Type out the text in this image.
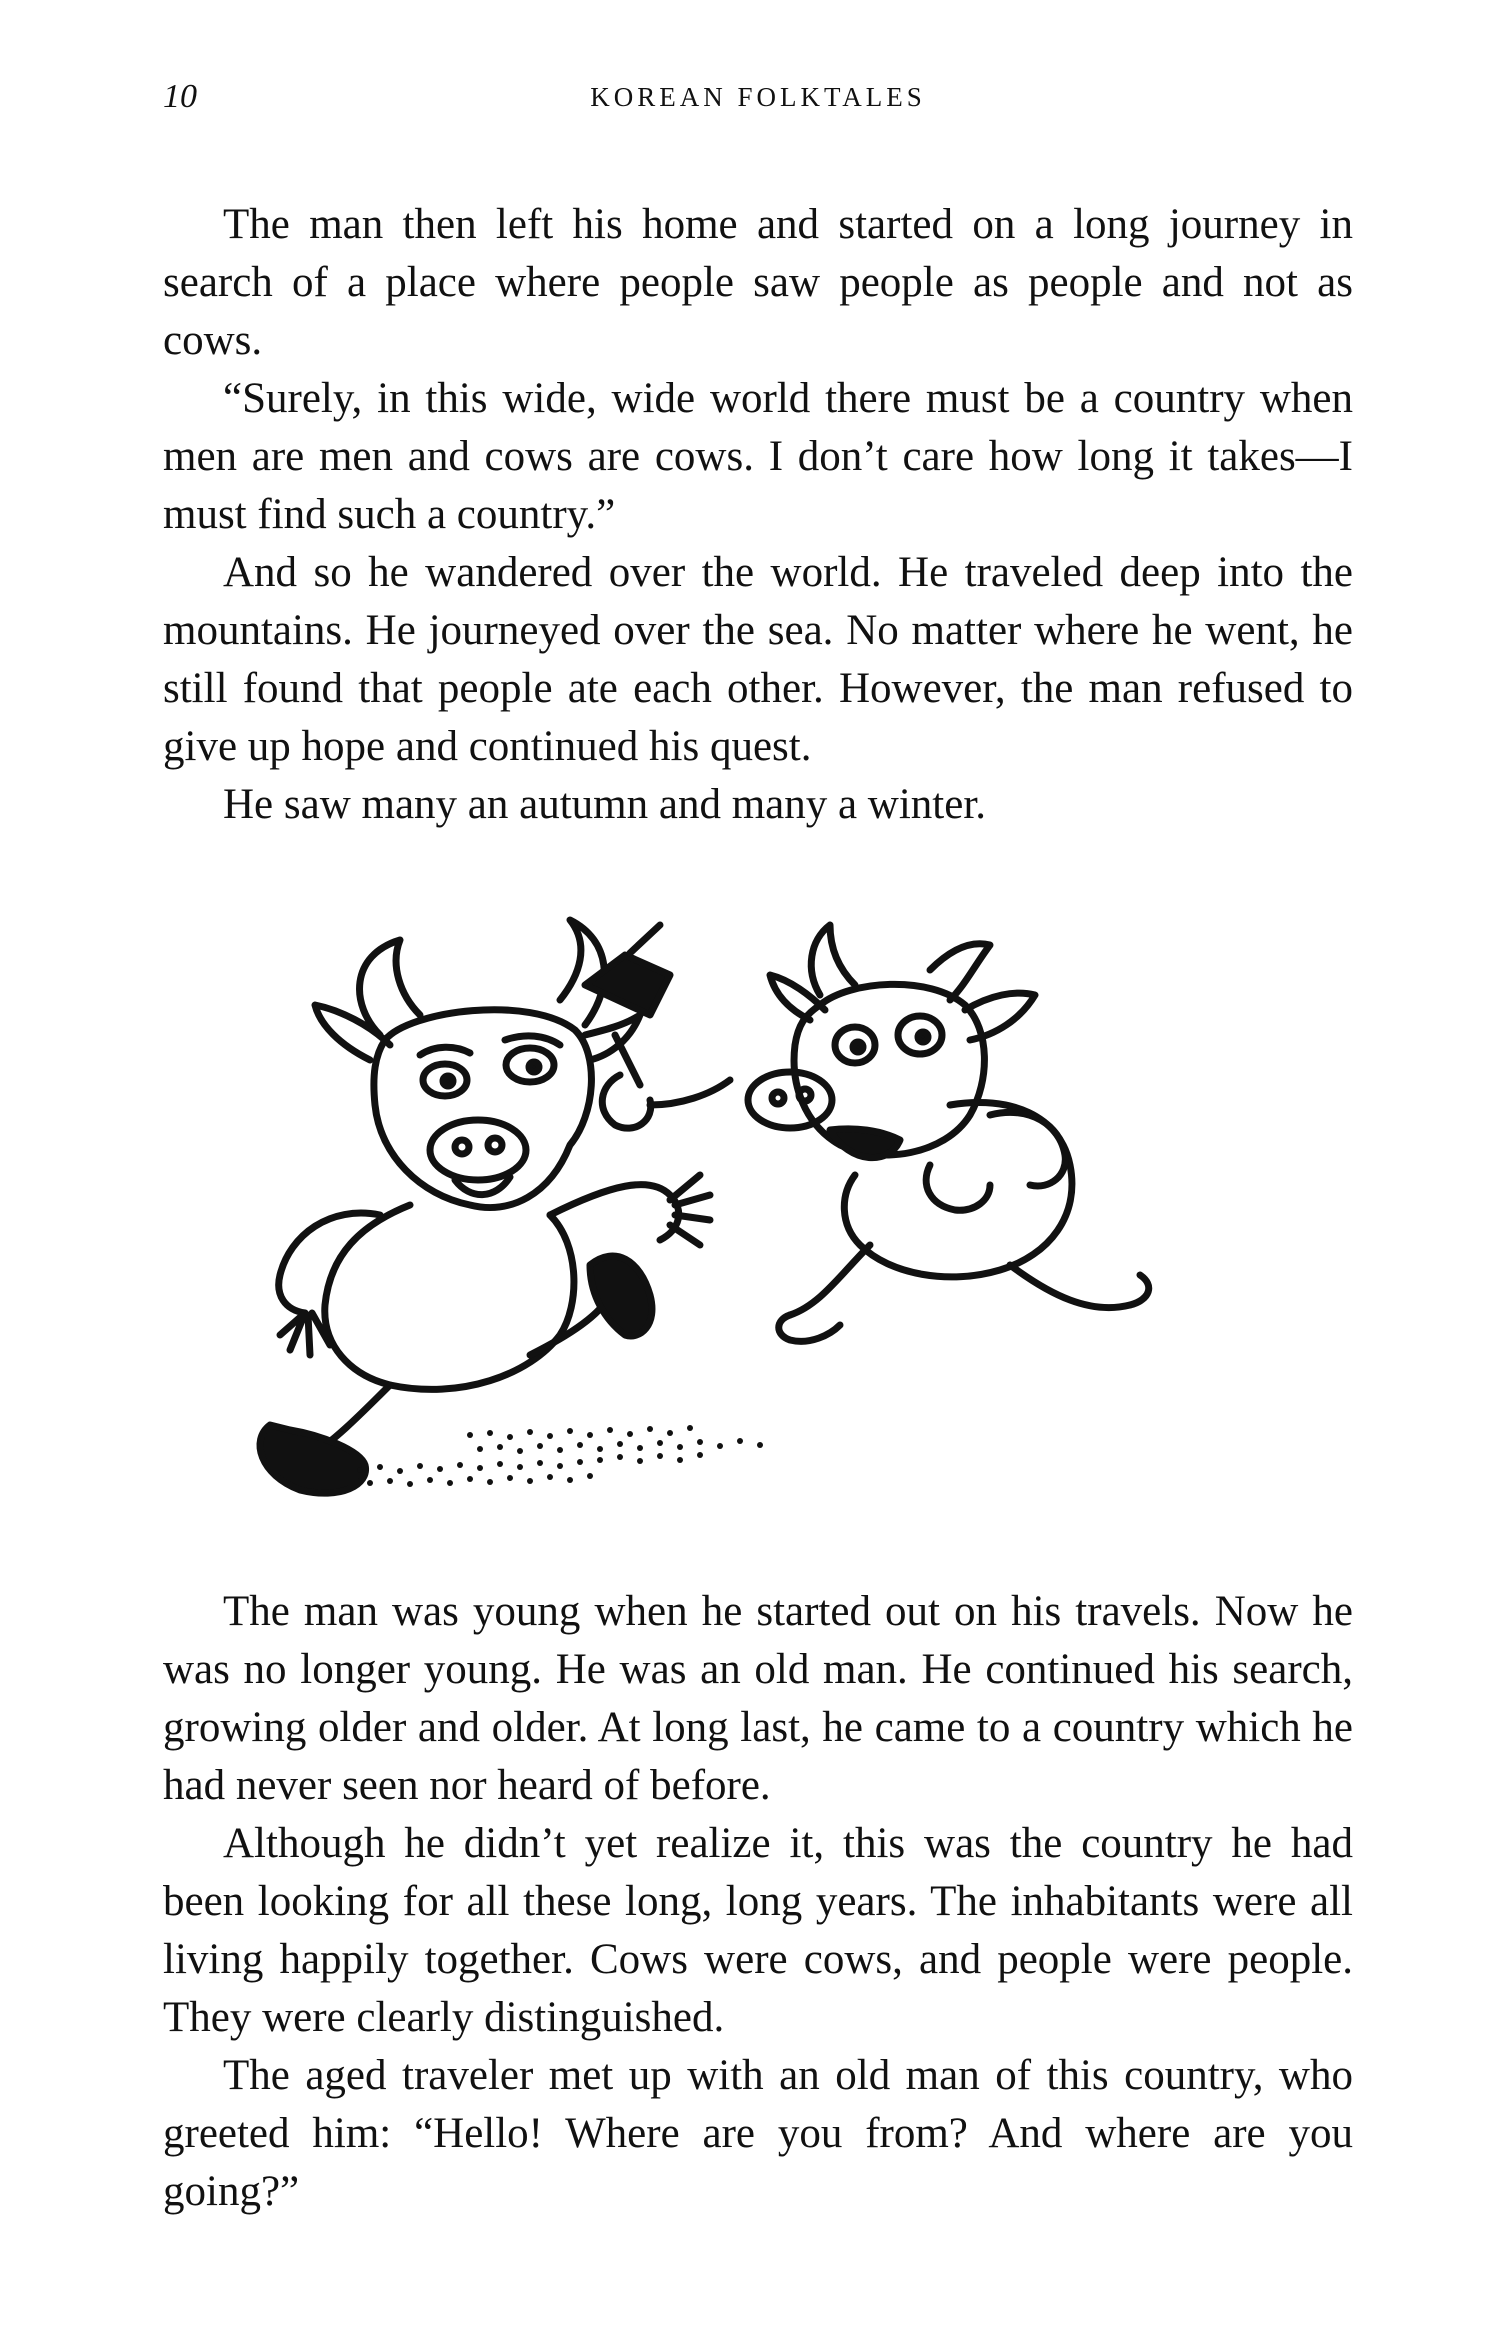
10	KOREAN FOLKTALES

The man then left his home and started on a long journey in search of a place where people saw people as people and not as cows.

“Surely, in this wide, wide world there must be a country when men are men and cows are cows. I don’t care how long it takes—I must find such a country.”

And so he wandered over the world. He traveled deep into the mountains. He journeyed over the sea. No matter where he went, he still found that people ate each other. However, the man refused to give up hope and continued his quest.

He saw many an autumn and many a winter.

The man was young when he started out on his travels. Now he was no longer young. He was an old man. He continued his search, growing older and older. At long last, he came to a country which he had never seen nor heard of before.

Although he didn’t yet realize it, this was the country he had been looking for all these long, long years. The inhabitants were all living happily together. Cows were cows, and people were people. They were clearly distinguished.

The aged traveler met up with an old man of this country, who greeted him: “Hello! Where are you from? And where are you going?”
